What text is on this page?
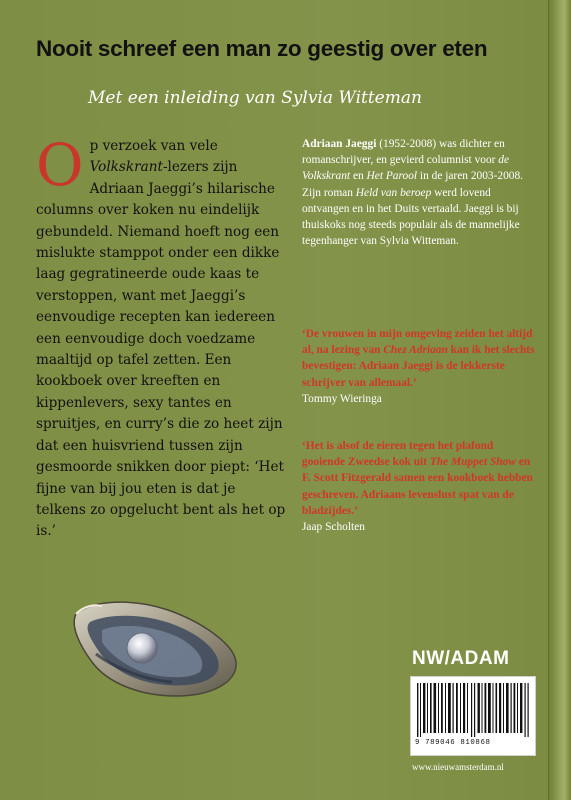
Nooit schreef een man zo geestig over eten

Met een inleiding van Sylvia Witteman

Op verzoek van vele Volkskrant-lezers zijn Adriaan Jaeggi’s hilarische columns over koken nu eindelijk gebundeld. Niemand hoeft nog een mislukte stamppot onder een dikke laag gegratineerde oude kaas te verstoppen, want met Jaeggi’s eenvoudige recepten kan iedereen een eenvoudige doch voedzame maaltijd op tafel zetten. Een kookboek over kreeften en kippenlevers, sexy tantes en spruitjes, en curry’s die zo heet zijn dat een huisvriend tussen zijn gesmoorde snikken door piept: ‘Het fijne van bij jou eten is dat je telkens zo opgelucht bent als het op is.’

Adriaan Jaeggi (1952-2008) was dichter en romanschrijver, en gevierd columnist voor de Volkskrant en Het Parool in de jaren 2003-2008. Zijn roman Held van beroep werd lovend ontvangen en in het Duits vertaald. Jaeggi is bij thuiskoks nog steeds populair als de mannelijke tegenhanger van Sylvia Witteman.

‘De vrouwen in mijn omgeving zeiden het altijd al, na lezing van Chez Adriaan kan ik het slechts bevestigen: Adriaan Jaeggi is de lekkerste schrijver van allemaal.’
Tommy Wieringa

‘Het is alsof de eieren tegen het plafond gooiende Zweedse kok uit The Muppet Show en F. Scott Fitzgerald samen een kookboek hebben geschreven. Adriaans levenslust spat van de bladzijdes.’
Jaap Scholten

NW/ADAM

9 789046 810868

www.nieuwamsterdam.nl
